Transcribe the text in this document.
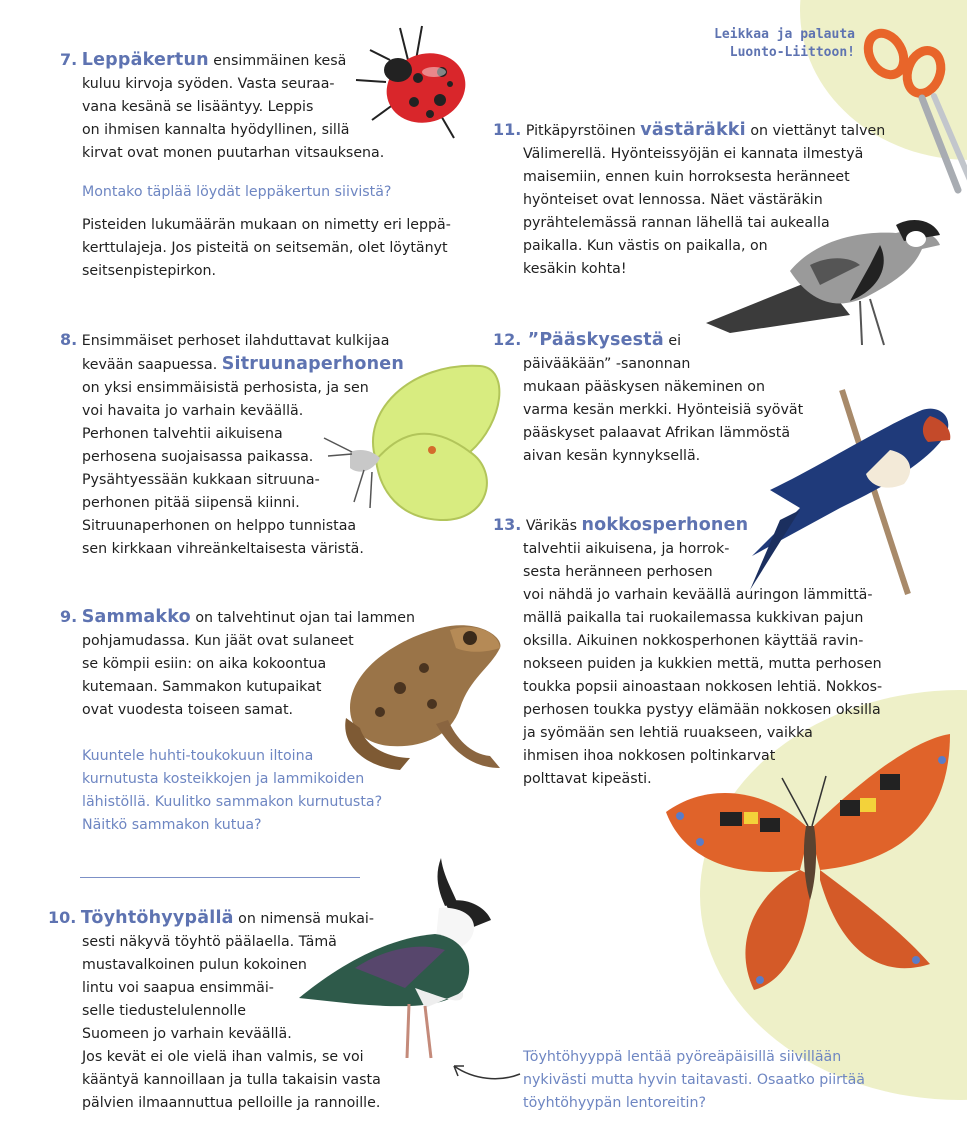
Leikkaa ja palauta
Luonto-Liittoon!
7. Leppäkertun ensimmäinen kesä
kuluu kirvoja syöden. Vasta seuraa-
vana kesänä se lisääntyy. Leppis
on ihmisen kannalta hyödyllinen, sillä
kirvat ovat monen puutarhan vitsauksena.
Montako täplää löydät leppäkertun siivistä?
Pisteiden lukumäärän mukaan on nimetty eri leppä-
kerttulajeja. Jos pisteitä on seitsemän, olet löytänyt
seitsenpistepirkon.
8. Ensimmäiset perhoset ilahduttavat kulkijaa
kevään saapuessa. Sitruunaperhonen
on yksi ensimmäisistä perhosista, ja sen
voi havaita jo varhain keväällä.
Perhonen talvehtii aikuisena
perhosena suojaisassa paikassa.
Pysähtyessään kukkaan sitruuna-
perhonen pitää siipensä kiinni.
Sitruunaperhonen on helppo tunnistaa
sen kirkkaan vihreänkeltaisesta väristä.
9. Sammakko on talvehtinut ojan tai lammen
pohjamudassa. Kun jäät ovat sulaneet
se kömpii esiin: on aika kokoontua
kutemaan. Sammakon kutupaikat
ovat vuodesta toiseen samat.
Kuuntele huhti-toukokuun iltoina
kurnutusta kosteikkojen ja lammikoiden
lähistöllä. Kuulitko sammakon kurnutusta?
Näitkö sammakon kutua?
10. Töyhtöhyypällä on nimensä mukai-
sesti näkyvä töyhtö päälaella. Tämä
mustavalkoinen pulun kokoinen
lintu voi saapua ensimmäi-
selle tiedustelulennolle
Suomeen jo varhain keväällä.
Jos kevät ei ole vielä ihan valmis, se voi
kääntyä kannoillaan ja tulla takaisin vasta
pälvien ilmaannuttua pelloille ja rannoille.
11. Pitkäpyrstöinen västäräkki on viettänyt talven
Välimerellä. Hyönteissyöjän ei kannata ilmestyä
maisemiin, ennen kuin horroksesta heränneet
hyönteiset ovat lennossa. Näet västäräkin
pyrähtelemässä rannan lähellä tai aukealla
paikalla. Kun västis on paikalla, on
kesäkin kohta!
12. ”Pääskysestä ei
päivääkään” -sanonnan
mukaan pääskysen näkeminen on
varma kesän merkki. Hyönteisiä syövät
pääskyset palaavat Afrikan lämmöstä
aivan kesän kynnyksellä.
13. Värikäs nokkosperhonen
talvehtii aikuisena, ja horrok-
sesta heränneen perhosen
voi nähdä jo varhain keväällä auringon lämmittä-
mällä paikalla tai ruokailemassa kukkivan pajun
oksilla. Aikuinen nokkosperhonen käyttää ravin-
nokseen puiden ja kukkien mettä, mutta perhosen
toukka popsii ainoastaan nokkosen lehtiä. Nokkos-
perhosen toukka pystyy elämään nokkosen oksilla
ja syömään sen lehtiä ruuakseen, vaikka
ihmisen ihoa nokkosen poltinkarvat
polttavat kipeästi.
Töyhtöhyyppä lentää pyöreäpäisillä siivillään
nykivästi mutta hyvin taitavasti. Osaatko piirtää
töyhtöhyypän lentoreitin?
